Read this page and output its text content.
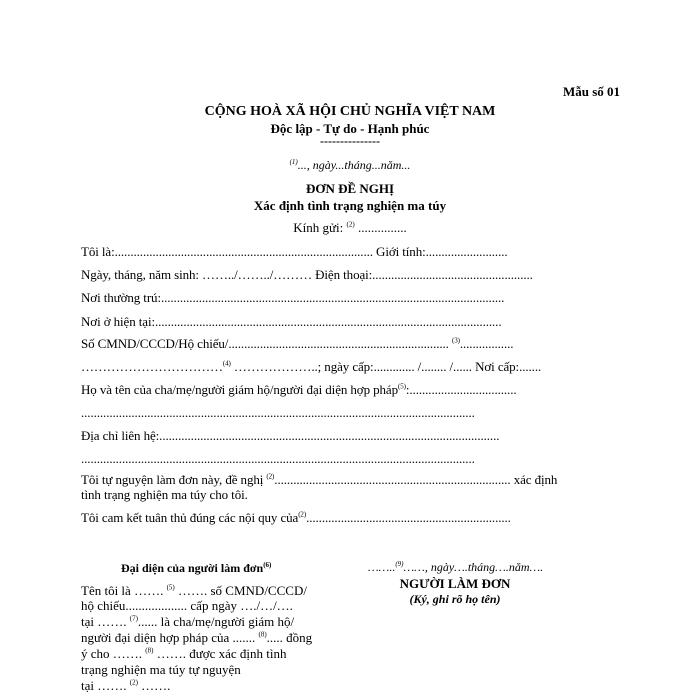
Mẫu số 01
CỘNG HOÀ XÃ HỘI CHỦ NGHĨA VIỆT NAM
Độc lập - Tự do - Hạnh phúc
---------------
$^{(1)}$..., ngày...tháng...năm...
ĐƠN ĐỀ NGHỊ
Xác định tình trạng nghiện ma túy
Kính gửi: $^{(2)}$ ...............
Tôi là:.................................................................................. Giới tính:..........................
Ngày, tháng, năm sinh: ……../……../……… Điện thoại:...................................................
Nơi thường trú:.............................................................................................................
Nơi ở hiện tại:..............................................................................................................
Số CMND/CCCD/Hộ chiếu/...................................................................... $^{(3)}$.................
……………………………$^{(4)}$ ………………..; ngày cấp:............. /........ /...... Nơi cấp:.......
Họ và tên của cha/mẹ/người giám hộ/người đại diện hợp pháp$^{(5)}$:..................................
.............................................................................................................................
Địa chỉ liên hệ:............................................................................................................
.............................................................................................................................
Tôi tự nguyện làm đơn này, đề nghị $^{(2)}$........................................................................... xác định
tình trạng nghiện ma túy cho tôi.
Tôi cam kết tuân thủ đúng các nội quy của$^{(2)}$.................................................................
Đại diện của người làm đơn$^{(6)}$
Tên tôi là ……. $^{(5)}$ ……. số CMND/CCCD/
hộ chiếu................... cấp ngày …./…/….
tại ……. $^{(7)}$...... là cha/mẹ/người giám hộ/
người đại diện hợp pháp của ....... $^{(8)}$..... đồng
ý cho ……. $^{(8)}$ ……. được xác định tình
trạng nghiện ma túy tự nguyện
tại ……. $^{(2)}$ …….
……..$^{(9)}$……, ngày….tháng….năm….
NGƯỜI LÀM ĐƠN
(Ký, ghi rõ họ tên)
